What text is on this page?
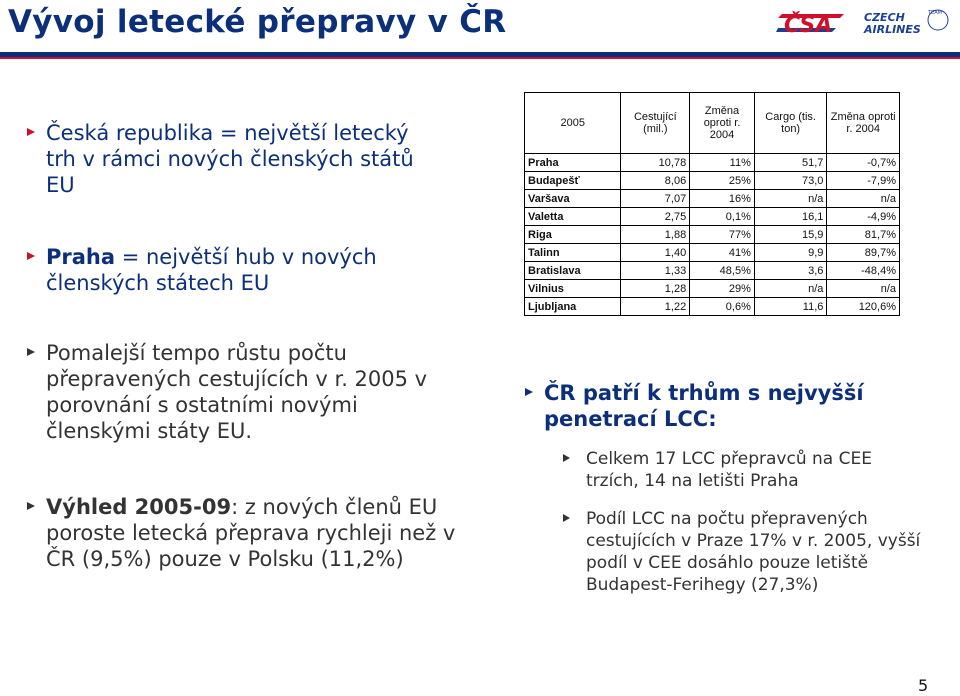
Vývoj letecké přepravy v ČR	ČSA	CZECH
AIRLINES
TEAM
Česká republika = největší letecký trh v rámci nových členských států EU
Praha = největší hub v nových členských státech EU
Pomalejší tempo růstu počtu přepravených cestujících v r. 2005 v porovnání s ostatními novými členskými státy EU.
Výhled 2005-09: z nových členů EU poroste letecká přeprava rychleji než v ČR (9,5%) pouze v Polsku (11,2%)
ČR patří k trhům s nejvyšší penetrací LCC:
Celkem 17 LCC přepravců na CEE trzích, 14 na letišti Praha
Podíl LCC na počtu přepravených cestujících v Praze 17% v r. 2005, vyšší podíl v CEE dosáhlo pouze letiště Budapest-Ferihegy (27,3%)
2005	Cestující (mil.)	Změna oproti r. 2004	Cargo (tis. ton)	Změna oproti r. 2004
Praha	10,78	11%	51,7	-0,7%
Budapešť	8,06	25%	73,0	-7,9%
Varšava	7,07	16%	n/a	n/a
Valetta	2,75	0,1%	16,1	-4,9%
Riga	1,88	77%	15,9	81,7%
Talinn	1,40	41%	9,9	89,7%
Bratislava	1,33	48,5%	3,6	-48,4%
Vilnius	1,28	29%	n/a	n/a
Ljubljana	1,22	0,6%	11,6	120,6%
5
